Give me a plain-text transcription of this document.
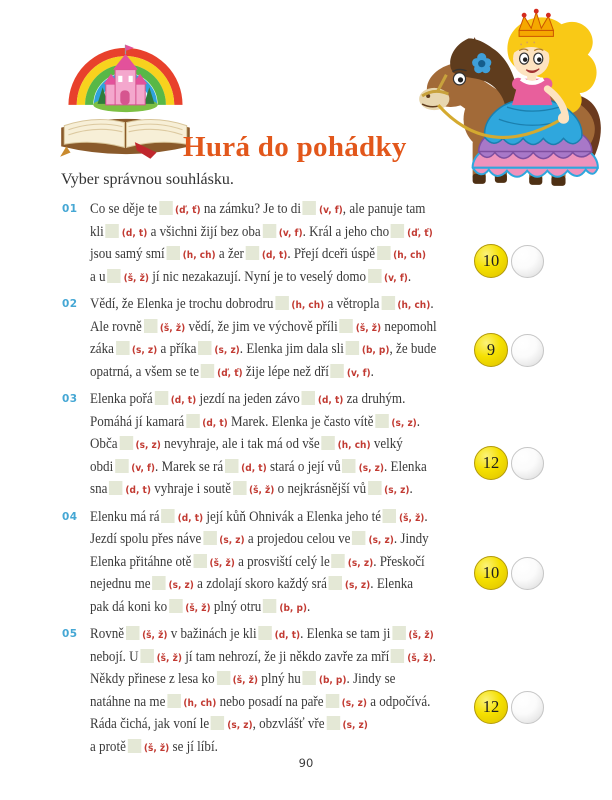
Hurá do pohádky
Vyber správnou souhlásku.
01 Co se děje te (ď, ť) na zámku? Je to di (v, f), ale panuje tam
kli (d, t) a všichni žijí bez oba (v, f). Král a jeho cho (ď, ť)
jsou samý smí (h, ch) a žer (d, t). Přejí dceři úspě (h, ch)
a u (š, ž) jí nic nezakazují. Nyní je to veselý domo (v, f).
02 Vědí, že Elenka je trochu dobrodru (h, ch) a větropla (h, ch).
Ale rovně (š, ž) vědí, že jim ve výchově příli (š, ž) nepomohl
záka (s, z) a příka (s, z). Elenka jim dala sli (b, p), že bude
opatrná, a všem se te (ď, ť) žije lépe než dří (v, f).
03 Elenka pořá (d, t) jezdí na jeden závo (d, t) za druhým.
Pomáhá jí kamará (d, t) Marek. Elenka je často vítě (s, z).
Obča (s, z) nevyhraje, ale i tak má od vše (h, ch) velký
obdi (v, f). Marek se rá (d, t) stará o její vů (s, z). Elenka
sna (d, t) vyhraje i soutě (š, ž) o nejkrásnější vů (s, z).
04 Elenku má rá (d, t) její kůň Ohnivák a Elenka jeho té (š, ž).
Jezdí spolu přes náve (s, z) a projedou celou ve (s, z). Jindy
Elenka přitáhne otě (š, ž) a prosviští celý le (s, z). Přeskočí
nejednu me (s, z) a zdolají skoro každý srá (s, z). Elenka
pak dá koni ko (š, ž) plný otru (b, p).
05 Rovně (š, ž) v bažinách je kli (d, t). Elenka se tam ji (š, ž)
nebojí. U (š, ž) jí tam nehrozí, že ji někdo zavře za mří (š, ž).
Někdy přinese z lesa ko (š, ž) plný hu (b, p). Jindy se
natáhne na me (h, ch) nebo posadí na paře (s, z) a odpočívá.
Ráda čichá, jak voní le (s, z), obzvlášť vře (s, z)
a protě (š, ž) se jí líbí.
10
9
12
10
12
90
